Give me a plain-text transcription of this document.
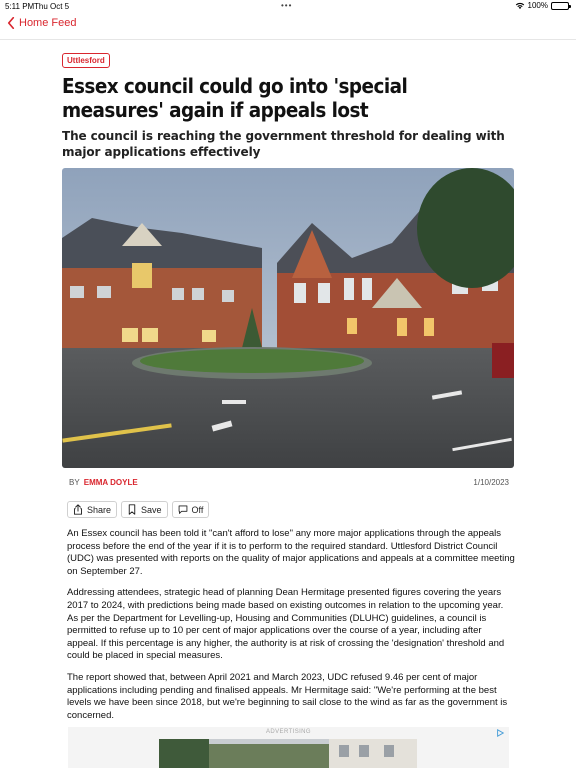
5:11 PM Thu Oct 5	•••	100%
Home Feed
Uttlesford
Essex council could go into 'special measures' again if appeals lost
The council is reaching the government threshold for dealing with major applications effectively
BY EMMA DOYLE	1/10/2023
Share	Save	Off

An Essex council has been told it "can't afford to lose" any more major applications through the appeals process before the end of the year if it is to perform to the required standard. Uttlesford District Council (UDC) was presented with reports on the quality of major applications and appeals at a committee meeting on September 27.

Addressing attendees, strategic head of planning Dean Hermitage presented figures covering the years 2017 to 2024, with predictions being made based on existing outcomes in relation to the upcoming year. As per the Department for Levelling-up, Housing and Communities (DLUHC) guidelines, a council is permitted to refuse up to 10 per cent of major applications over the course of a year, including after appeal. If this percentage is any higher, the authority is at risk of crossing the 'designation' threshold and could be placed in special measures.

The report showed that, between April 2021 and March 2023, UDC refused 9.46 per cent of major applications including pending and finalised appeals. Mr Hermitage said: "We're performing at the best levels we have been since 2018, but we're beginning to sail close to the wind as far as the government is concerned.

ADVERTISING
